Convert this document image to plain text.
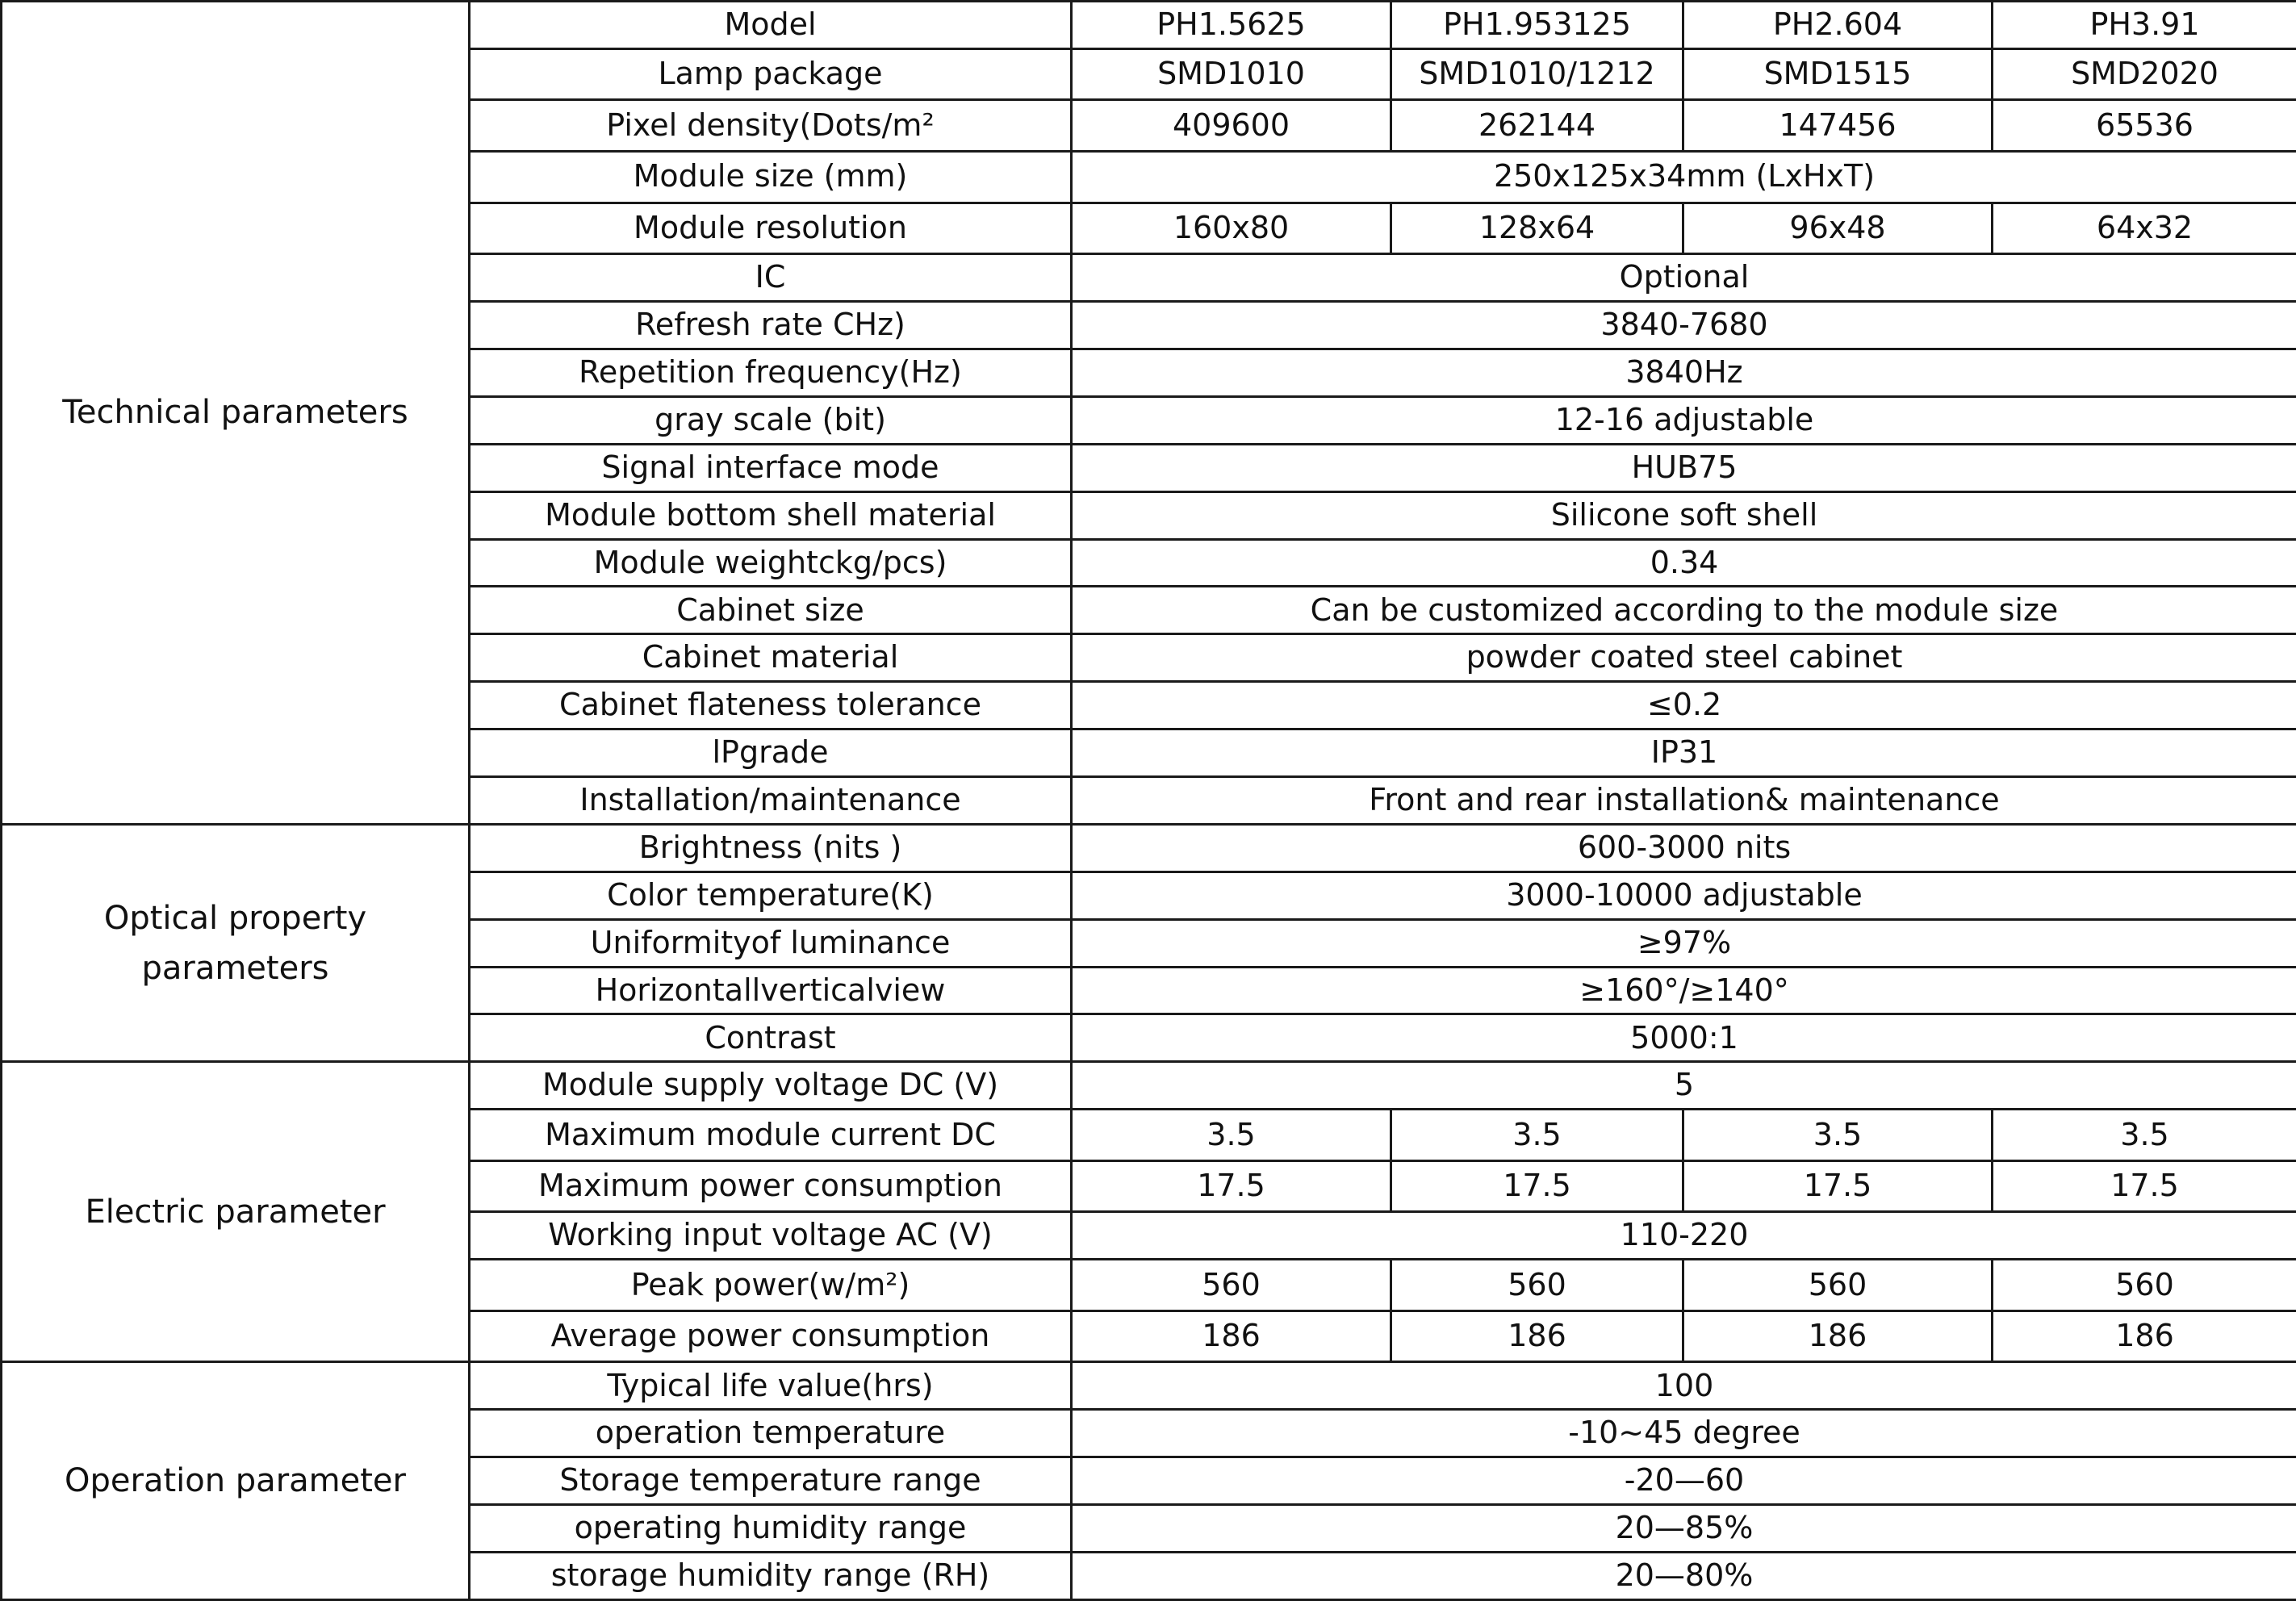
Technical parameters	Model	PH1.5625	PH1.953125	PH2.604	PH3.91
	Lamp package	SMD1010	SMD1010/1212	SMD1515	SMD2020
	Pixel density(Dots/m²	409600	262144	147456	65536
	Module size (mm)	250x125x34mm (LxHxT)			
	Module resolution	160x80	128x64	96x48	64x32
	IC	Optional			
	Refresh rate CHz)	3840-7680			
	Repetition frequency(Hz)	3840Hz			
	gray scale (bit)	12-16 adjustable			
	Signal interface mode	HUB75			
	Module bottom shell material	Silicone soft shell			
	Module weightckg/pcs)	0.34			
	Cabinet size	Can be customized according to the module size			
	Cabinet material	powder coated steel cabinet			
	Cabinet flateness tolerance	≤0.2			
	lPgrade	IP31			
	Installation/maintenance	Front and rear installation& maintenance			
Optical property parameters	Brightness (nits )	600-3000 nits			
	Color temperature(K)	3000-10000 adjustable			
	Uniformityof luminance	≥97%			
	Horizontallverticalview	≥160°/≥140°			
	Contrast	5000:1			
Electric parameter	Module supply voltage DC (V)	5			
	Maximum module current DC	3.5	3.5	3.5	3.5
	Maximum power consumption	17.5	17.5	17.5	17.5
	Working input voltage AC (V)	110-220			
	Peak power(w/m²)	560	560	560	560
	Average power consumption	186	186	186	186
Operation parameter	Typical life value(hrs)	100			
	operation temperature	-10~45 degree			
	Storage temperature range	-20—60			
	operating humidity range	20—85%			
	storage humidity range (RH)	20—80%			
